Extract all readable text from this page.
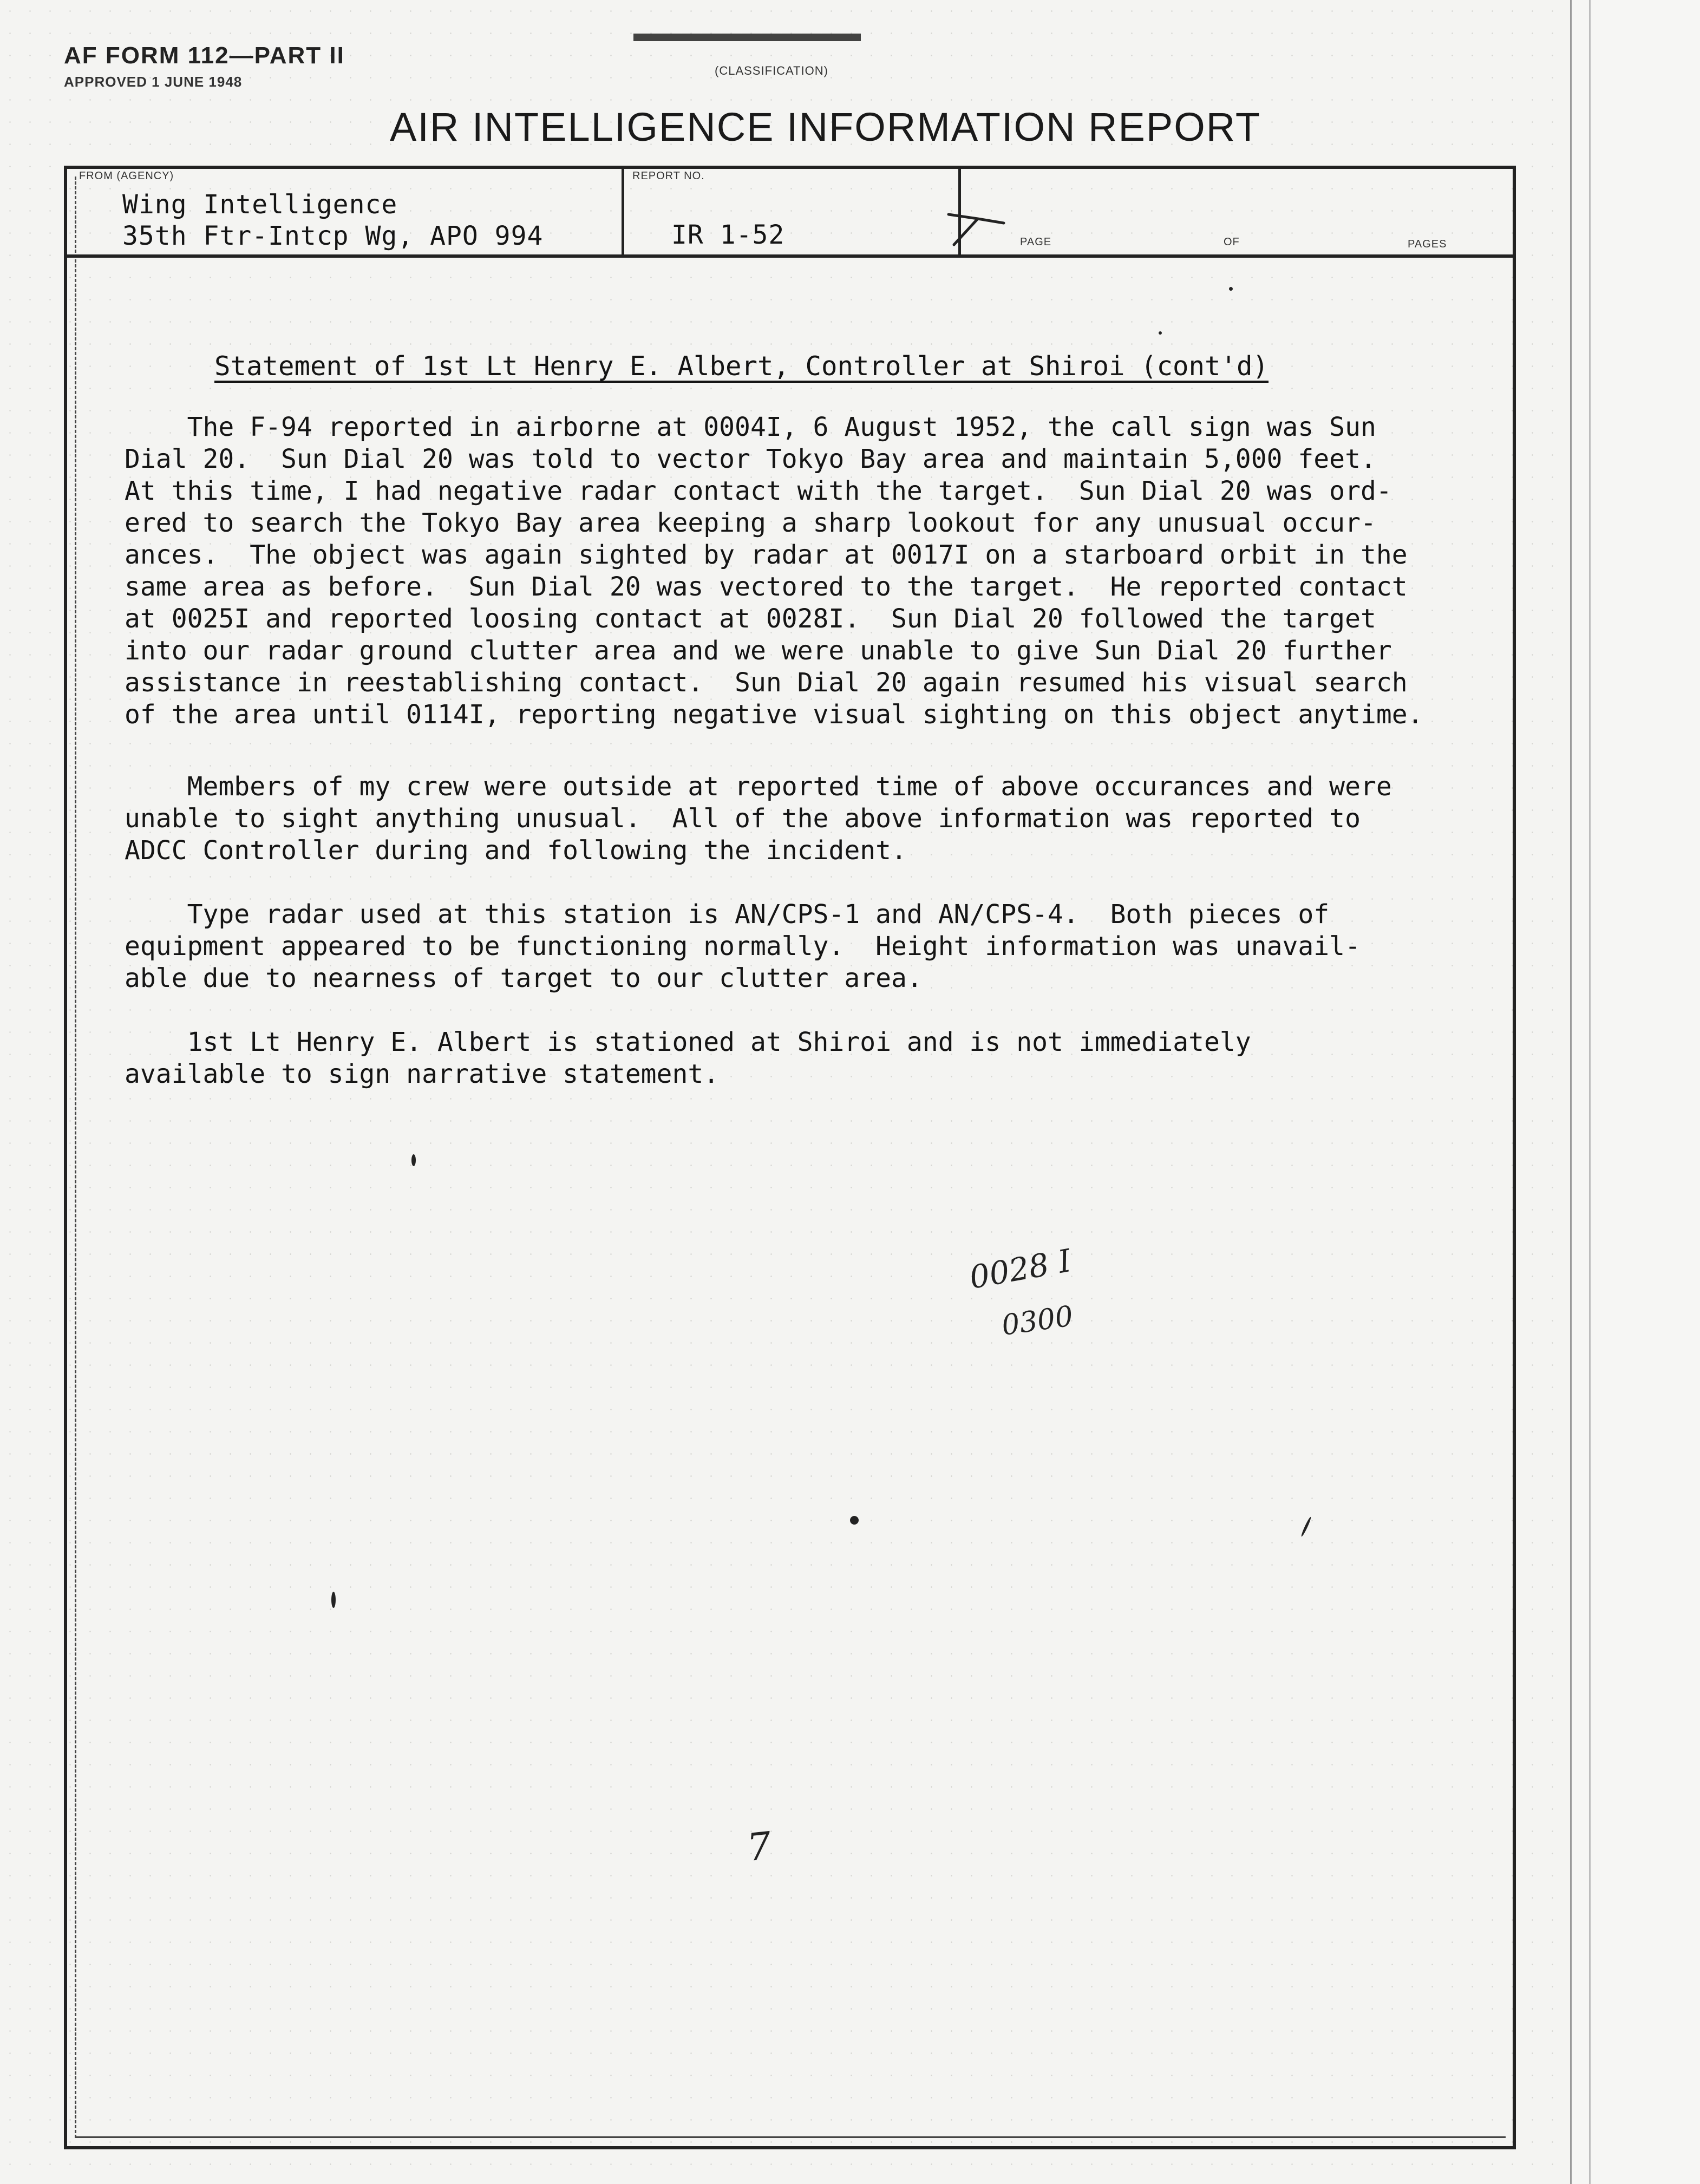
AF FORM 112—PART II
APPROVED 1 JUNE 1948
(CLASSIFICATION)
AIR INTELLIGENCE INFORMATION REPORT
FROM (AGENCY)
Wing Intelligence
35th Ftr-Intcp Wg, APO 994
REPORT NO.
IR 1-52	PAGE	OF	PAGES
Statement of 1st Lt Henry E. Albert, Controller at Shiroi (cont'd)
The F-94 reported in airborne at 0004I, 6 August 1952, the call sign was Sun
Dial 20.  Sun Dial 20 was told to vector Tokyo Bay area and maintain 5,000 feet.
At this time, I had negative radar contact with the target.  Sun Dial 20 was ord-
ered to search the Tokyo Bay area keeping a sharp lookout for any unusual occur-
ances.  The object was again sighted by radar at 0017I on a starboard orbit in the
same area as before.  Sun Dial 20 was vectored to the target.  He reported contact
at 0025I and reported loosing contact at 0028I.  Sun Dial 20 followed the target
into our radar ground clutter area and we were unable to give Sun Dial 20 further
assistance in reestablishing contact.  Sun Dial 20 again resumed his visual search
of the area until 0114I, reporting negative visual sighting on this object anytime.
Members of my crew were outside at reported time of above occurances and were
unable to sight anything unusual.  All of the above information was reported to
ADCC Controller during and following the incident.
Type radar used at this station is AN/CPS-1 and AN/CPS-4.  Both pieces of
equipment appeared to be functioning normally.  Height information was unavail-
able due to nearness of target to our clutter area.
1st Lt Henry E. Albert is stationed at Shiroi and is not immediately
available to sign narrative statement.
0028 I
0300
7
